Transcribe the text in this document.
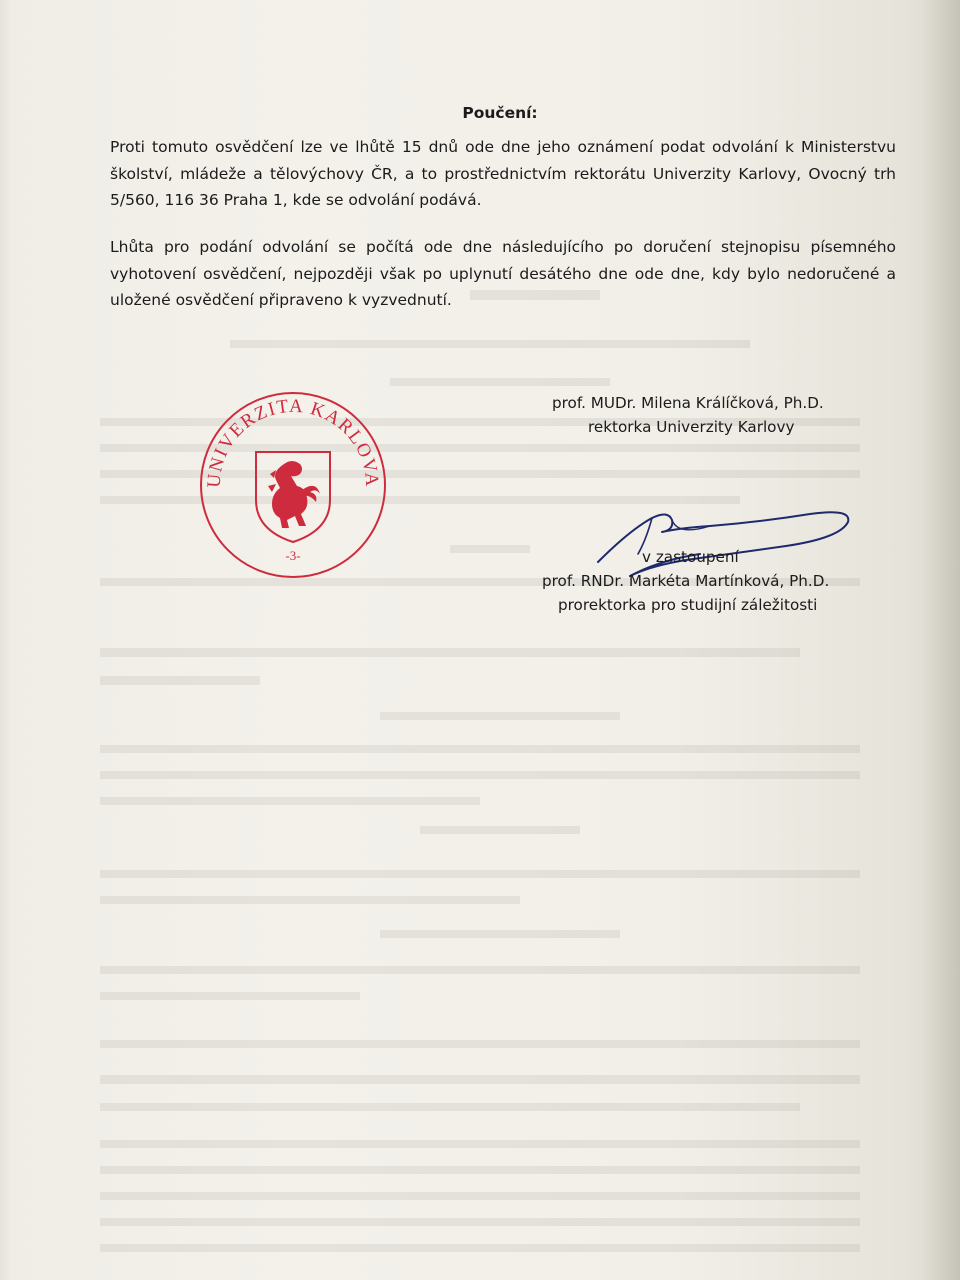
Poučení:
Proti tomuto osvědčení lze ve lhůtě 15 dnů ode dne jeho oznámení podat odvolání k Ministerstvu školství, mládeže a tělovýchovy ČR, a to prostřednictvím rektorátu Univerzity Karlovy, Ovocný trh 5/560, 116 36 Praha 1, kde se odvolání podává.
Lhůta pro podání odvolání se počítá ode dne následujícího po doručení stejnopisu písemného vyhotovení osvědčení, nejpozději však po uplynutí desátého dne ode dne, kdy bylo nedoručené a uložené osvědčení připraveno k vyzvednutí.
UNIVERZITA KARLOVA
-3-
prof. MUDr. Milena Králíčková, Ph.D.
rektorka Univerzity Karlovy
v zastoupení
prof. RNDr. Markéta Martínková, Ph.D.
prorektorka pro studijní záležitosti
